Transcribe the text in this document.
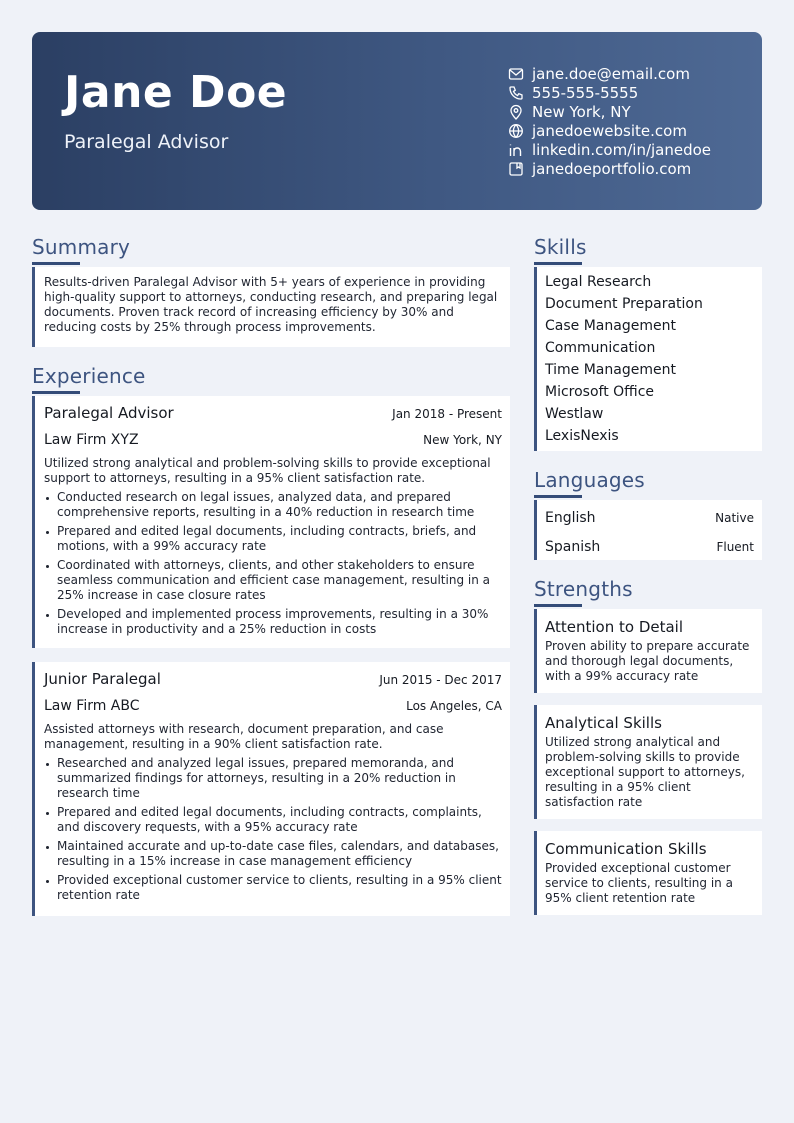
Jane Doe
Paralegal Advisor
jane.doe@email.com
555-555-5555
New York, NY
janedoewebsite.com
linkedin.com/in/janedoe
janedoeportfolio.com
Summary

Results-driven Paralegal Advisor with 5+ years of experience in providing high-quality support to attorneys, conducting research, and preparing legal documents. Proven track record of increasing efficiency by 30% and reducing costs by 25% through process improvements.

Experience
Paralegal Advisor	Jan 2018 - Present
Law Firm XYZ	New York, NY

Utilized strong analytical and problem-solving skills to provide exceptional support to attorneys, resulting in a 95% client satisfaction rate.

Conducted research on legal issues, analyzed data, and prepared comprehensive reports, resulting in a 40% reduction in research time
Prepared and edited legal documents, including contracts, briefs, and motions, with a 99% accuracy rate
Coordinated with attorneys, clients, and other stakeholders to ensure seamless communication and efficient case management, resulting in a 25% increase in case closure rates
Developed and implemented process improvements, resulting in a 30% increase in productivity and a 25% reduction in costs
Junior Paralegal	Jun 2015 - Dec 2017
Law Firm ABC	Los Angeles, CA

Assisted attorneys with research, document preparation, and case management, resulting in a 90% client satisfaction rate.

Researched and analyzed legal issues, prepared memoranda, and summarized findings for attorneys, resulting in a 20% reduction in research time
Prepared and edited legal documents, including contracts, complaints, and discovery requests, with a 95% accuracy rate
Maintained accurate and up-to-date case files, calendars, and databases, resulting in a 15% increase in case management efficiency
Provided exceptional customer service to clients, resulting in a 95% client retention rate
Skills
Legal Research
Document Preparation
Case Management
Communication
Time Management
Microsoft Office
Westlaw
LexisNexis
Languages
English	Native
Spanish	Fluent
Strengths
Attention to Detail

Proven ability to prepare accurate and thorough legal documents, with a 99% accuracy rate

Analytical Skills

Utilized strong analytical and problem-solving skills to provide exceptional support to attorneys, resulting in a 95% client satisfaction rate

Communication Skills

Provided exceptional customer service to clients, resulting in a 95% client retention rate
